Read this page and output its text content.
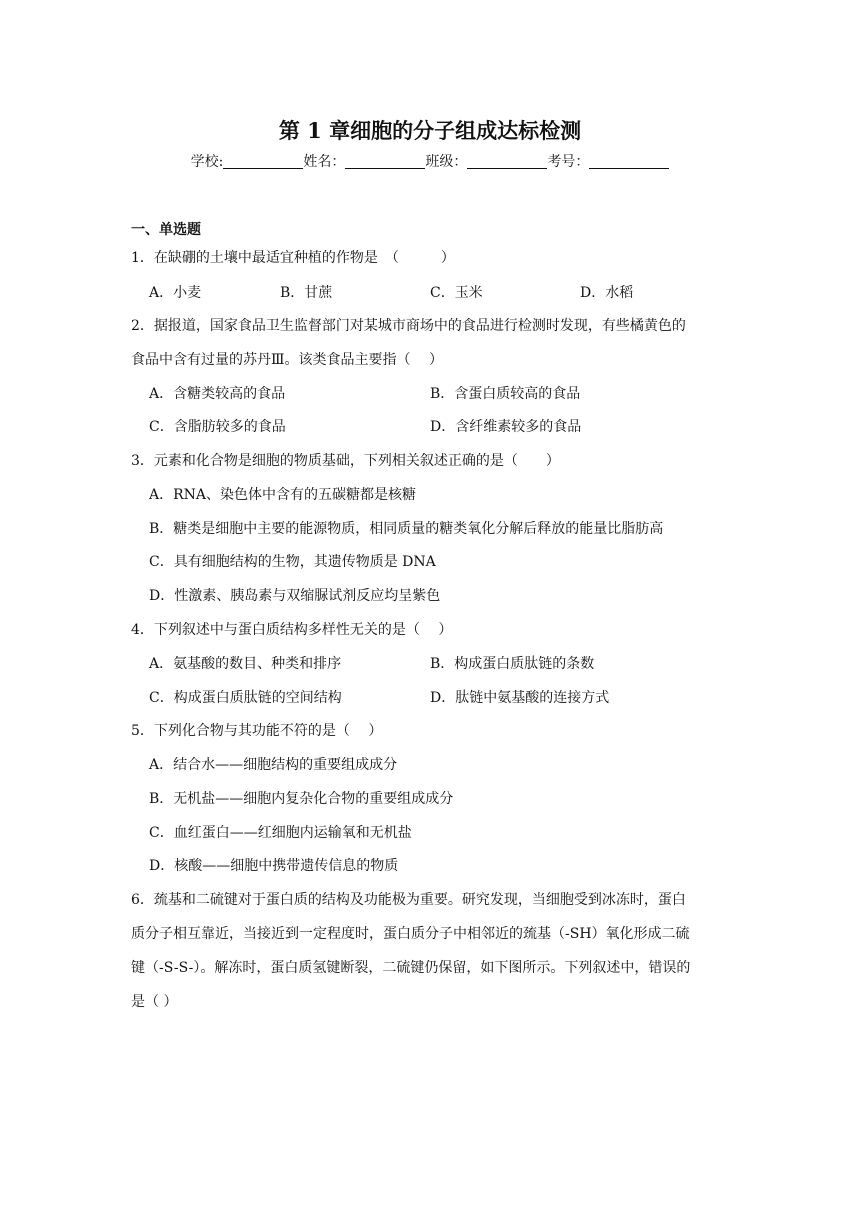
第 1 章细胞的分子组成达标检测
学校:	姓名：	班级：	考号：
一、单选题
1．在缺硼的土壤中最适宜种植的作物是　（　　　）
A．小麦	B．甘蔗	C．玉米	D．水稻
2．据报道，国家食品卫生监督部门对某城市商场中的食品进行检测时发现，有些橘黄色的
食品中含有过量的苏丹Ⅲ。该类食品主要指（　 ）
A．含糖类较高的食品	B．含蛋白质较高的食品
C．含脂肪较多的食品	D．含纤维素较多的食品
3．元素和化合物是细胞的物质基础，下列相关叙述正确的是（　　）
A．RNA、染色体中含有的五碳糖都是核糖
B．糖类是细胞中主要的能源物质，相同质量的糖类氧化分解后释放的能量比脂肪高
C．具有细胞结构的生物，其遗传物质是 DNA
D．性激素、胰岛素与双缩脲试剂反应均呈紫色
4．下列叙述中与蛋白质结构多样性无关的是（　 ）
A．氨基酸的数目、种类和排序	B．构成蛋白质肽链的条数
C．构成蛋白质肽链的空间结构	D．肽链中氨基酸的连接方式
5．下列化合物与其功能不符的是（　 ）
A．结合水——细胞结构的重要组成成分
B．无机盐——细胞内复杂化合物的重要组成成分
C．血红蛋白——红细胞内运输氧和无机盐
D．核酸——细胞中携带遗传信息的物质
6．巯基和二硫键对于蛋白质的结构及功能极为重要。研究发现，当细胞受到冰冻时，蛋白
质分子相互靠近，当接近到一定程度时，蛋白质分子中相邻近的巯基（-SH）氧化形成二硫
键（-S-S-）。解冻时，蛋白质氢键断裂，二硫键仍保留，如下图所示。下列叙述中，错误的
是（ ）
